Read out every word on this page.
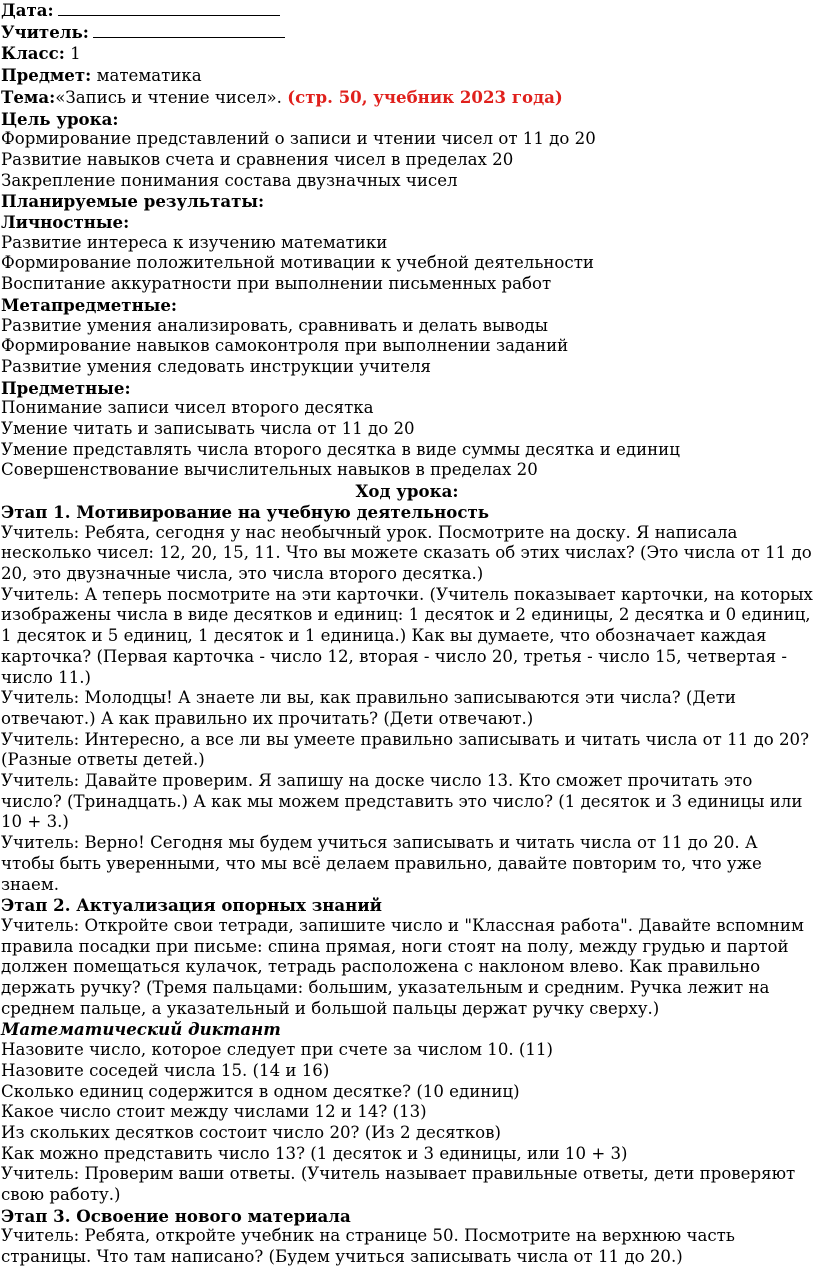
Дата:
Учитель:
Класс: 1
Предмет: математика
Тема:«Запись и чтение чисел». (стр. 50, учебник 2023 года)
Цель урока:
Формирование представлений о записи и чтении чисел от 11 до 20
Развитие навыков счета и сравнения чисел в пределах 20
Закрепление понимания состава двузначных чисел
Планируемые результаты:
Личностные:
Развитие интереса к изучению математики
Формирование положительной мотивации к учебной деятельности
Воспитание аккуратности при выполнении письменных работ
Метапредметные:
Развитие умения анализировать, сравнивать и делать выводы
Формирование навыков самоконтроля при выполнении заданий
Развитие умения следовать инструкции учителя
Предметные:
Понимание записи чисел второго десятка
Умение читать и записывать числа от 11 до 20
Умение представлять числа второго десятка в виде суммы десятка и единиц
Совершенствование вычислительных навыков в пределах 20
Ход урока:
Этап 1. Мотивирование на учебную деятельность
Учитель: Ребята, сегодня у нас необычный урок. Посмотрите на доску. Я написала несколько чисел: 12, 20, 15, 11. Что вы можете сказать об этих числах? (Это числа от 11 до 20, это двузначные числа, это числа второго десятка.)
Учитель: А теперь посмотрите на эти карточки. (Учитель показывает карточки, на которых изображены числа в виде десятков и единиц: 1 десяток и 2 единицы, 2 десятка и 0 единиц, 1 десяток и 5 единиц, 1 десяток и 1 единица.) Как вы думаете, что обозначает каждая карточка? (Первая карточка - число 12, вторая - число 20, третья - число 15, четвертая - число 11.)
Учитель: Молодцы! А знаете ли вы, как правильно записываются эти числа? (Дети отвечают.) А как правильно их прочитать? (Дети отвечают.)
Учитель: Интересно, а все ли вы умеете правильно записывать и читать числа от 11 до 20? (Разные ответы детей.)
Учитель: Давайте проверим. Я запишу на доске число 13. Кто сможет прочитать это число? (Тринадцать.) А как мы можем представить это число? (1 десяток и 3 единицы или 10 + 3.)
Учитель: Верно! Сегодня мы будем учиться записывать и читать числа от 11 до 20. А чтобы быть уверенными, что мы всё делаем правильно, давайте повторим то, что уже знаем.
Этап 2. Актуализация опорных знаний
Учитель: Откройте свои тетради, запишите число и "Классная работа". Давайте вспомним правила посадки при письме: спина прямая, ноги стоят на полу, между грудью и партой должен помещаться кулачок, тетрадь расположена с наклоном влево. Как правильно держать ручку? (Тремя пальцами: большим, указательным и средним. Ручка лежит на среднем пальце, а указательный и большой пальцы держат ручку сверху.)
Математический диктант
Назовите число, которое следует при счете за числом 10. (11)
Назовите соседей числа 15. (14 и 16)
Сколько единиц содержится в одном десятке? (10 единиц)
Какое число стоит между числами 12 и 14? (13)
Из скольких десятков состоит число 20? (Из 2 десятков)
Как можно представить число 13? (1 десяток и 3 единицы, или 10 + 3)
Учитель: Проверим ваши ответы. (Учитель называет правильные ответы, дети проверяют свою работу.)
Этап 3. Освоение нового материала
Учитель: Ребята, откройте учебник на странице 50. Посмотрите на верхнюю часть страницы. Что там написано? (Будем учиться записывать числа от 11 до 20.)
